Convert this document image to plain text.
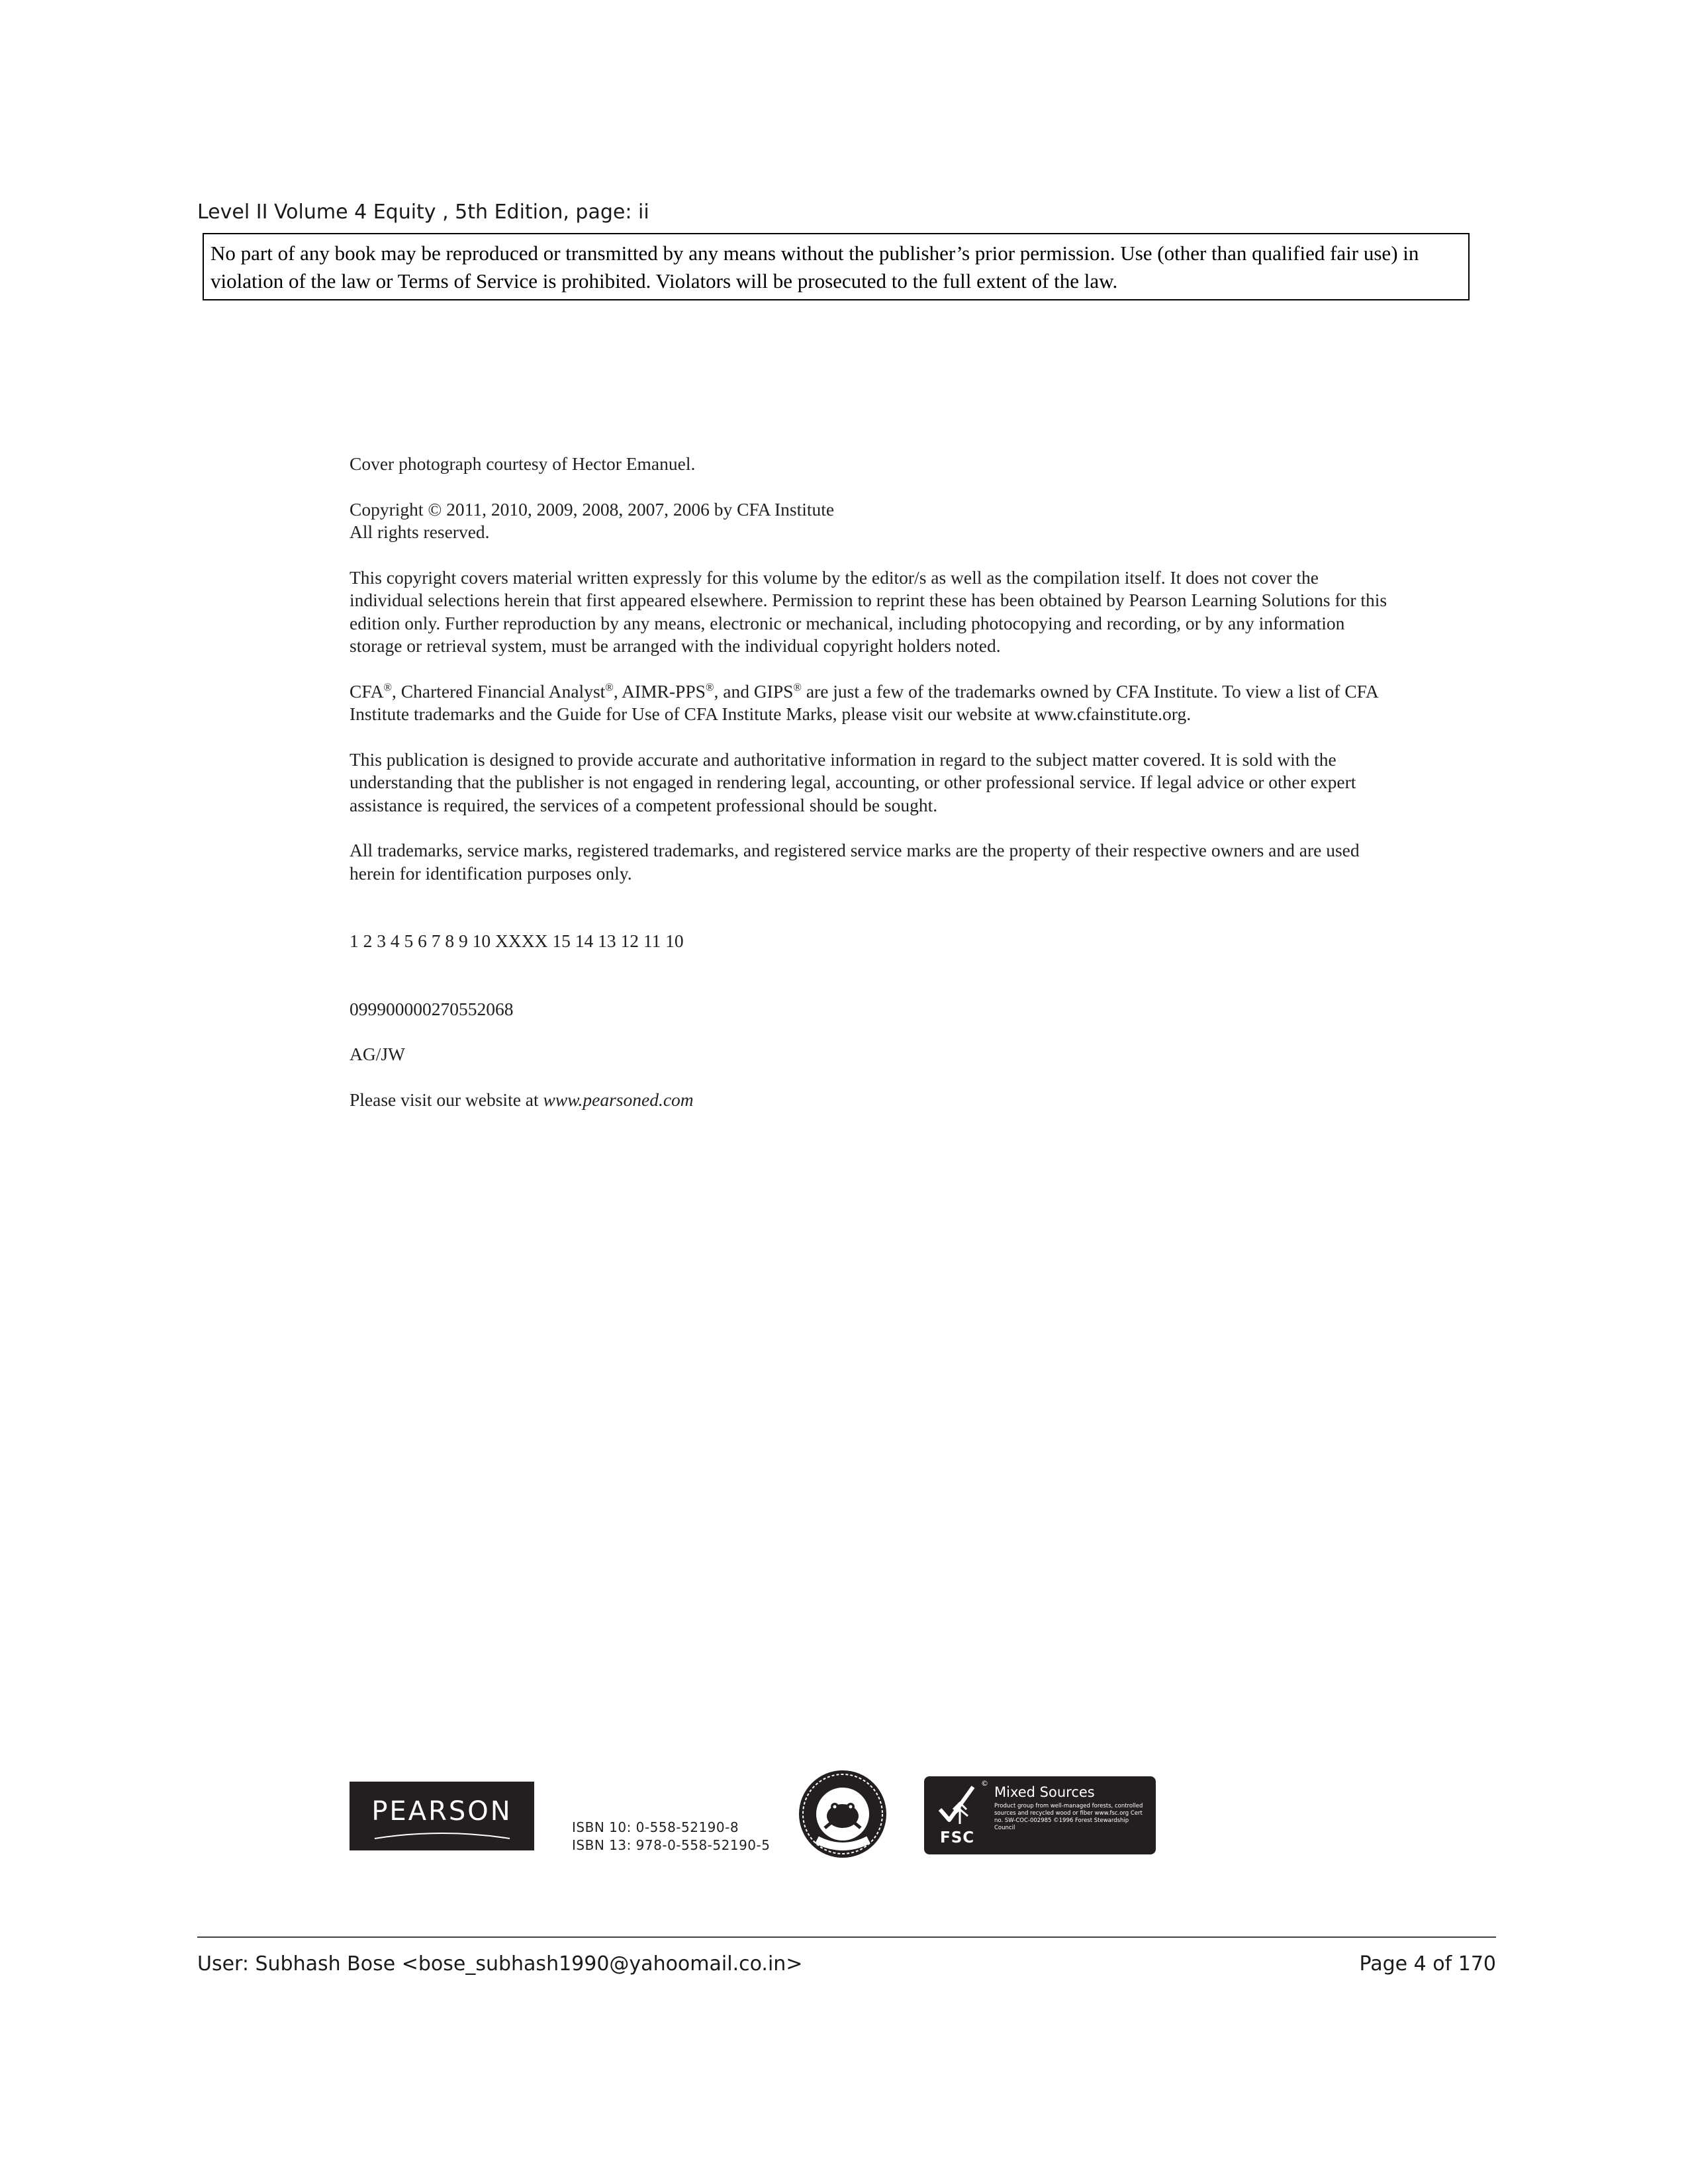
Level II Volume 4 Equity , 5th Edition, page: ii
No part of any book may be reproduced or transmitted by any means without the publisher’s prior permission. Use (other than qualified fair use) in violation of the law or Terms of Service is prohibited. Violators will be prosecuted to the full extent of the law.

Cover photograph courtesy of Hector Emanuel.

Copyright © 2011, 2010, 2009, 2008, 2007, 2006 by CFA Institute

All rights reserved.

This copyright covers material written expressly for this volume by the editor/s as well as the compilation itself. It does not cover the individual selections herein that first appeared elsewhere. Permission to reprint these has been obtained by Pearson Learning Solutions for this edition only. Further reproduction by any means, electronic or mechanical, including photocopying and recording, or by any information storage or retrieval system, must be arranged with the individual copyright holders noted.

CFA®, Chartered Financial Analyst®, AIMR-PPS®, and GIPS® are just a few of the trademarks owned by CFA Institute. To view a list of CFA Institute trademarks and the Guide for Use of CFA Institute Marks, please visit our website at www.cfainstitute.org.

This publication is designed to provide accurate and authoritative information in regard to the subject matter covered. It is sold with the understanding that the publisher is not engaged in rendering legal, accounting, or other professional service. If legal advice or other expert assistance is required, the services of a competent professional should be sought.

All trademarks, service marks, registered trademarks, and registered service marks are the property of their respective owners and are used herein for identification purposes only.

1 2 3 4 5 6 7 8 9 10 XXXX 15 14 13 12 11 10

099900000270552068

AG/JW

Please visit our website at www.pearsoned.com

PEARSON
ISBN 10: 0-558-52190-8
ISBN 13: 978-0-558-52190-5
©
FSC
Mixed Sources
Product group from well-managed forests, controlled sources and recycled wood or fiber www.fsc.org Cert no. SW-COC-002985 ©1996 Forest Stewardship Council
User: Subhash Bose <bose_subhash1990@yahoomail.co.in>	Page 4 of 170
